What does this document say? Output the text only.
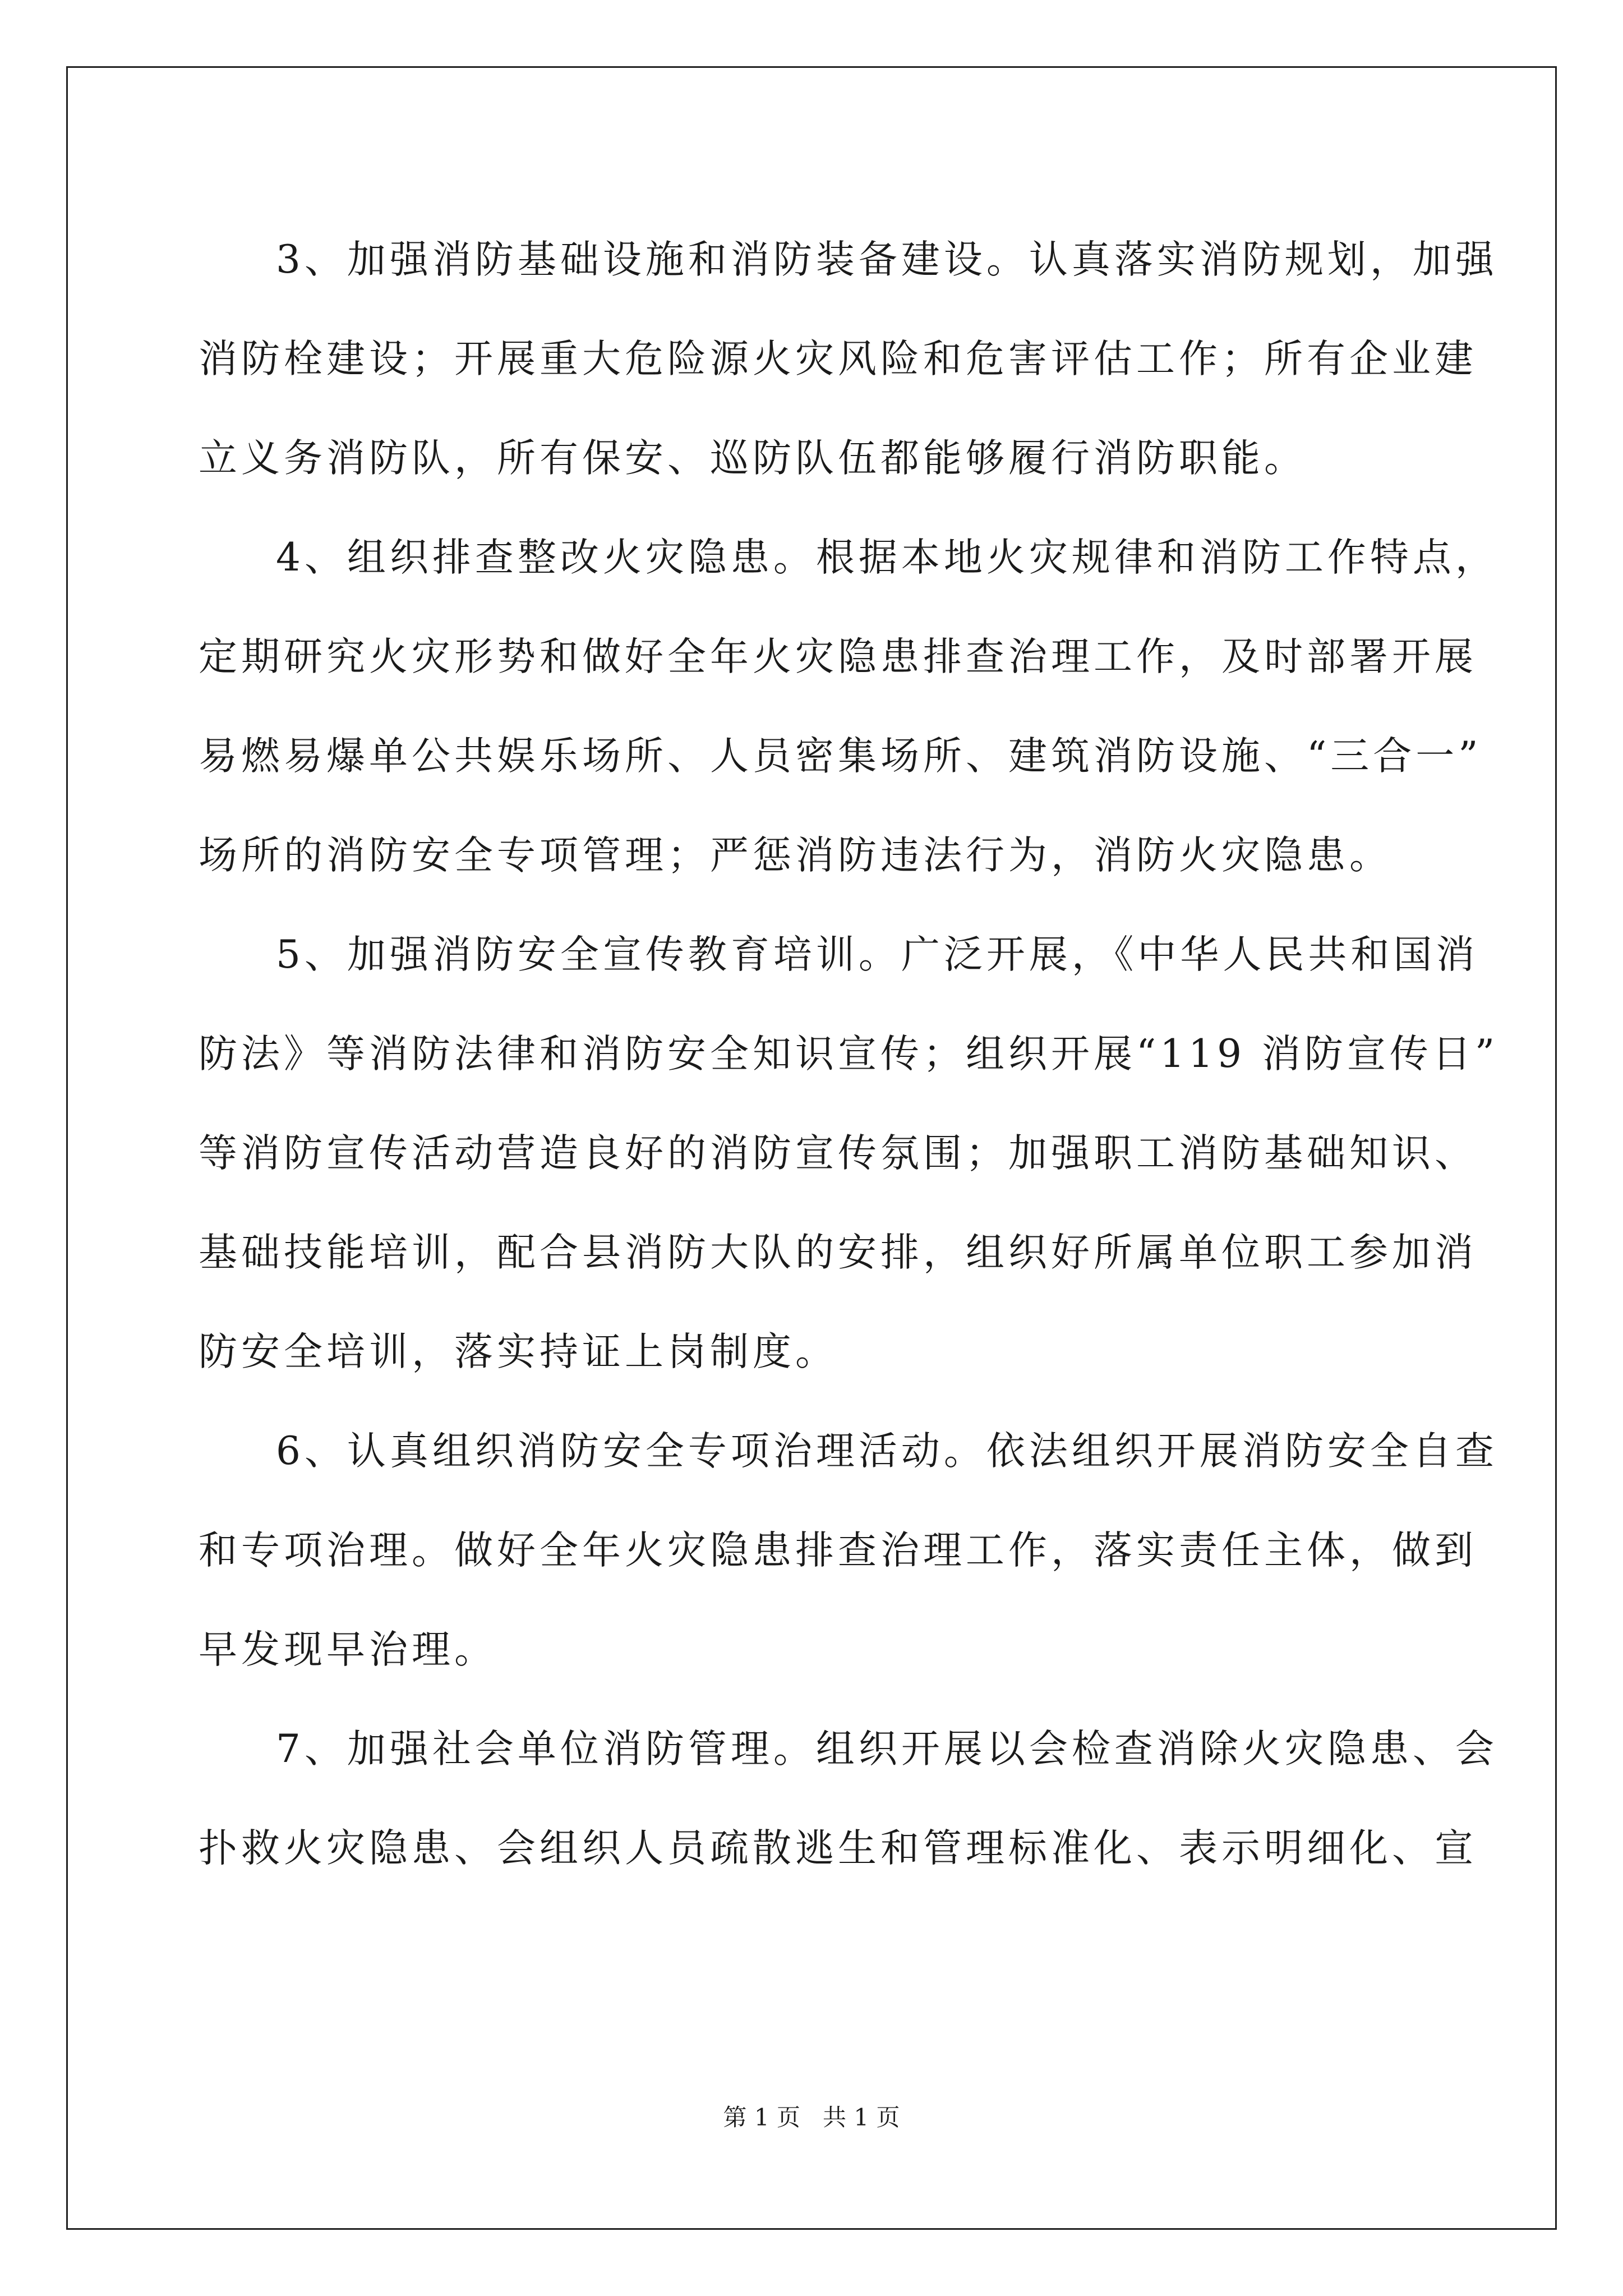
3、加强消防基础设施和消防装备建设。认真落实消防规划，加强
消防栓建设；开展重大危险源火灾风险和危害评估工作；所有企业建
立义务消防队，所有保安、巡防队伍都能够履行消防职能。
4、组织排查整改火灾隐患。根据本地火灾规律和消防工作特点，
定期研究火灾形势和做好全年火灾隐患排查治理工作，及时部署开展
易燃易爆单公共娱乐场所、人员密集场所、建筑消防设施、“三合一”
场所的消防安全专项管理；严惩消防违法行为，消防火灾隐患。
5、加强消防安全宣传教育培训。广泛开展，《中华人民共和国消
防法》等消防法律和消防安全知识宣传；组织开展“119 消防宣传日”
等消防宣传活动营造良好的消防宣传氛围；加强职工消防基础知识、
基础技能培训，配合县消防大队的安排，组织好所属单位职工参加消
防安全培训，落实持证上岗制度。
6、认真组织消防安全专项治理活动。依法组织开展消防安全自查
和专项治理。做好全年火灾隐患排查治理工作，落实责任主体，做到
早发现早治理。
7、加强社会单位消防管理。组织开展以会检查消除火灾隐患、会
扑救火灾隐患、会组织人员疏散逃生和管理标准化、表示明细化、宣
第 1 页   共 1 页
